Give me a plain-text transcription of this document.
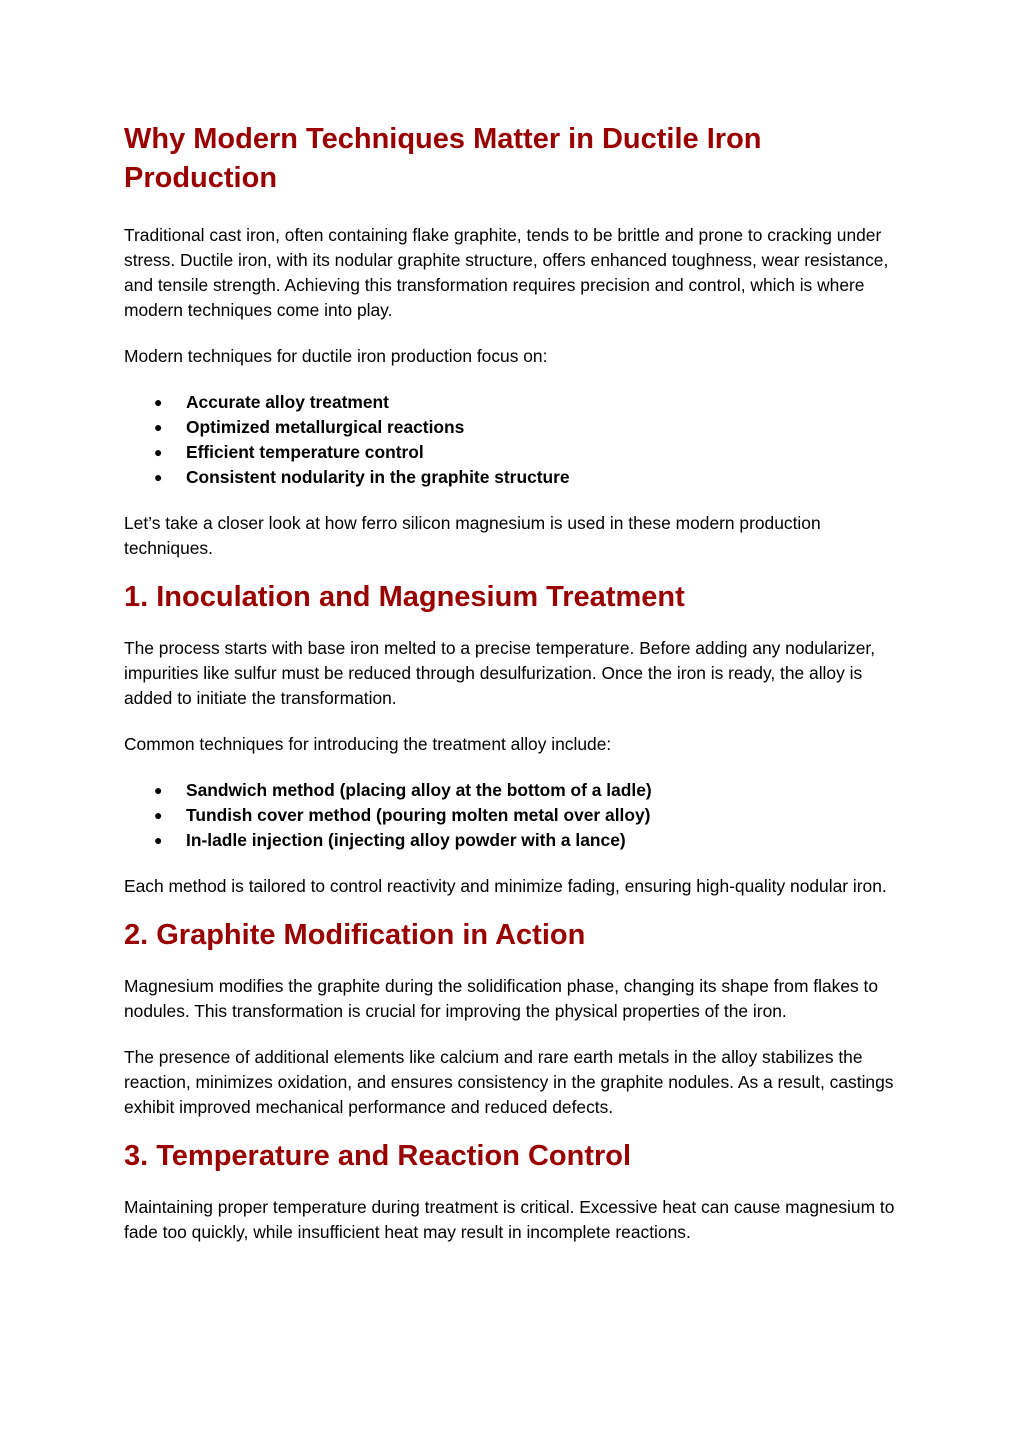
Why Modern Techniques Matter in Ductile Iron Production

Traditional cast iron, often containing flake graphite, tends to be brittle and prone to cracking under stress. Ductile iron, with its nodular graphite structure, offers enhanced toughness, wear resistance, and tensile strength. Achieving this transformation requires precision and control, which is where modern techniques come into play.

Modern techniques for ductile iron production focus on:

● Accurate alloy treatment
● Optimized metallurgical reactions
● Efficient temperature control
● Consistent nodularity in the graphite structure

Let’s take a closer look at how ferro silicon magnesium is used in these modern production techniques.

1. Inoculation and Magnesium Treatment

The process starts with base iron melted to a precise temperature. Before adding any nodularizer, impurities like sulfur must be reduced through desulfurization. Once the iron is ready, the alloy is added to initiate the transformation.

Common techniques for introducing the treatment alloy include:

● Sandwich method (placing alloy at the bottom of a ladle)
● Tundish cover method (pouring molten metal over alloy)
● In-ladle injection (injecting alloy powder with a lance)

Each method is tailored to control reactivity and minimize fading, ensuring high-quality nodular iron.

2. Graphite Modification in Action

Magnesium modifies the graphite during the solidification phase, changing its shape from flakes to nodules. This transformation is crucial for improving the physical properties of the iron.

The presence of additional elements like calcium and rare earth metals in the alloy stabilizes the reaction, minimizes oxidation, and ensures consistency in the graphite nodules. As a result, castings exhibit improved mechanical performance and reduced defects.

3. Temperature and Reaction Control

Maintaining proper temperature during treatment is critical. Excessive heat can cause magnesium to fade too quickly, while insufficient heat may result in incomplete reactions.
